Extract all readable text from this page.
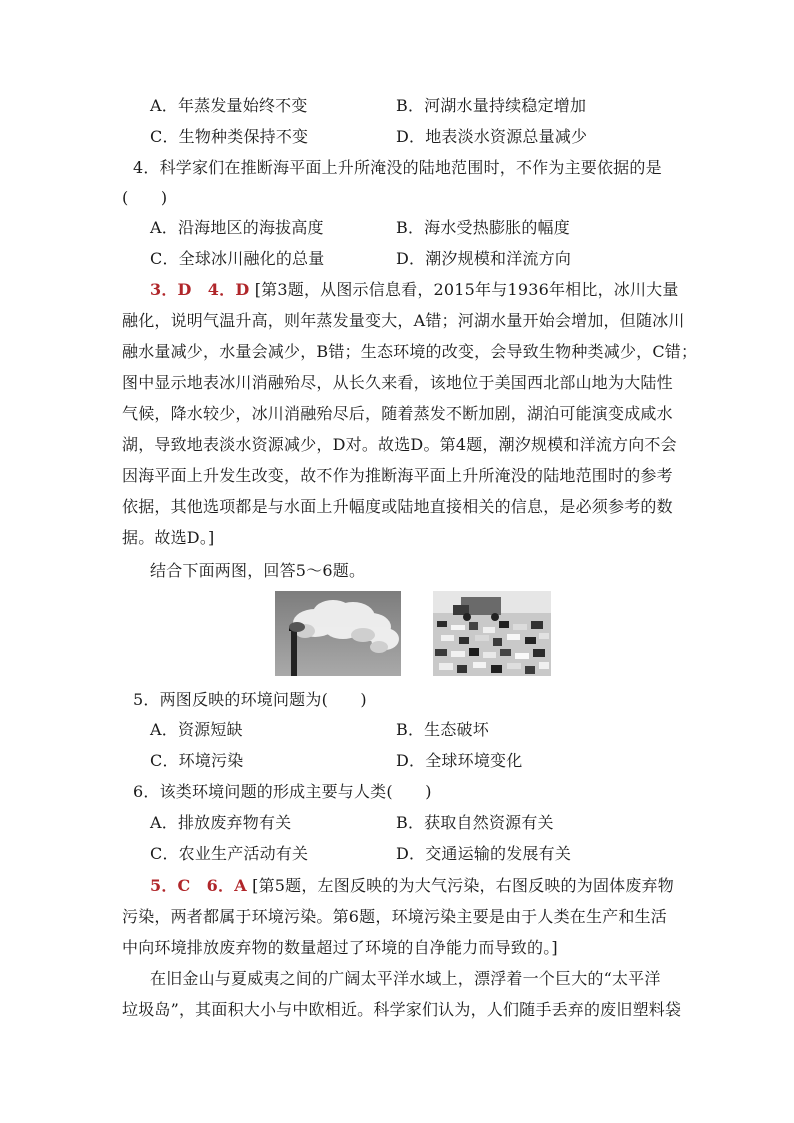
A．年蒸发量始终不变	B．河湖水量持续稳定增加
C．生物种类保持不变	D．地表淡水资源总量减少
4．科学家们在推断海平面上升所淹没的陆地范围时，不作为主要依据的是
(　　)
A．沿海地区的海拔高度	B．海水受热膨胀的幅度
C．全球冰川融化的总量	D．潮汐规模和洋流方向
3．D　4．D [第3题，从图示信息看，2015年与1936年相比，冰川大量
融化，说明气温升高，则年蒸发量变大，A错；河湖水量开始会增加，但随冰川
融水量减少，水量会减少，B错；生态环境的改变，会导致生物种类减少，C错；
图中显示地表冰川消融殆尽，从长久来看，该地位于美国西北部山地为大陆性
气候，降水较少，冰川消融殆尽后，随着蒸发不断加剧，湖泊可能演变成咸水
湖，导致地表淡水资源减少，D对。故选D。第4题，潮汐规模和洋流方向不会
因海平面上升发生改变，故不作为推断海平面上升所淹没的陆地范围时的参考
依据，其他选项都是与水面上升幅度或陆地直接相关的信息，是必须参考的数
据。故选D。]
结合下面两图，回答5～6题。
5．两图反映的环境问题为(　　)
A．资源短缺	B．生态破坏
C．环境污染	D．全球环境变化
6．该类环境问题的形成主要与人类(　　)
A．排放废弃物有关	B．获取自然资源有关
C．农业生产活动有关	D．交通运输的发展有关
5．C　6．A [第5题，左图反映的为大气污染，右图反映的为固体废弃物
污染，两者都属于环境污染。第6题，环境污染主要是由于人类在生产和生活
中向环境排放废弃物的数量超过了环境的自净能力而导致的。]
在旧金山与夏威夷之间的广阔太平洋水域上，漂浮着一个巨大的“太平洋
垃圾岛”，其面积大小与中欧相近。科学家们认为，人们随手丢弃的废旧塑料袋
